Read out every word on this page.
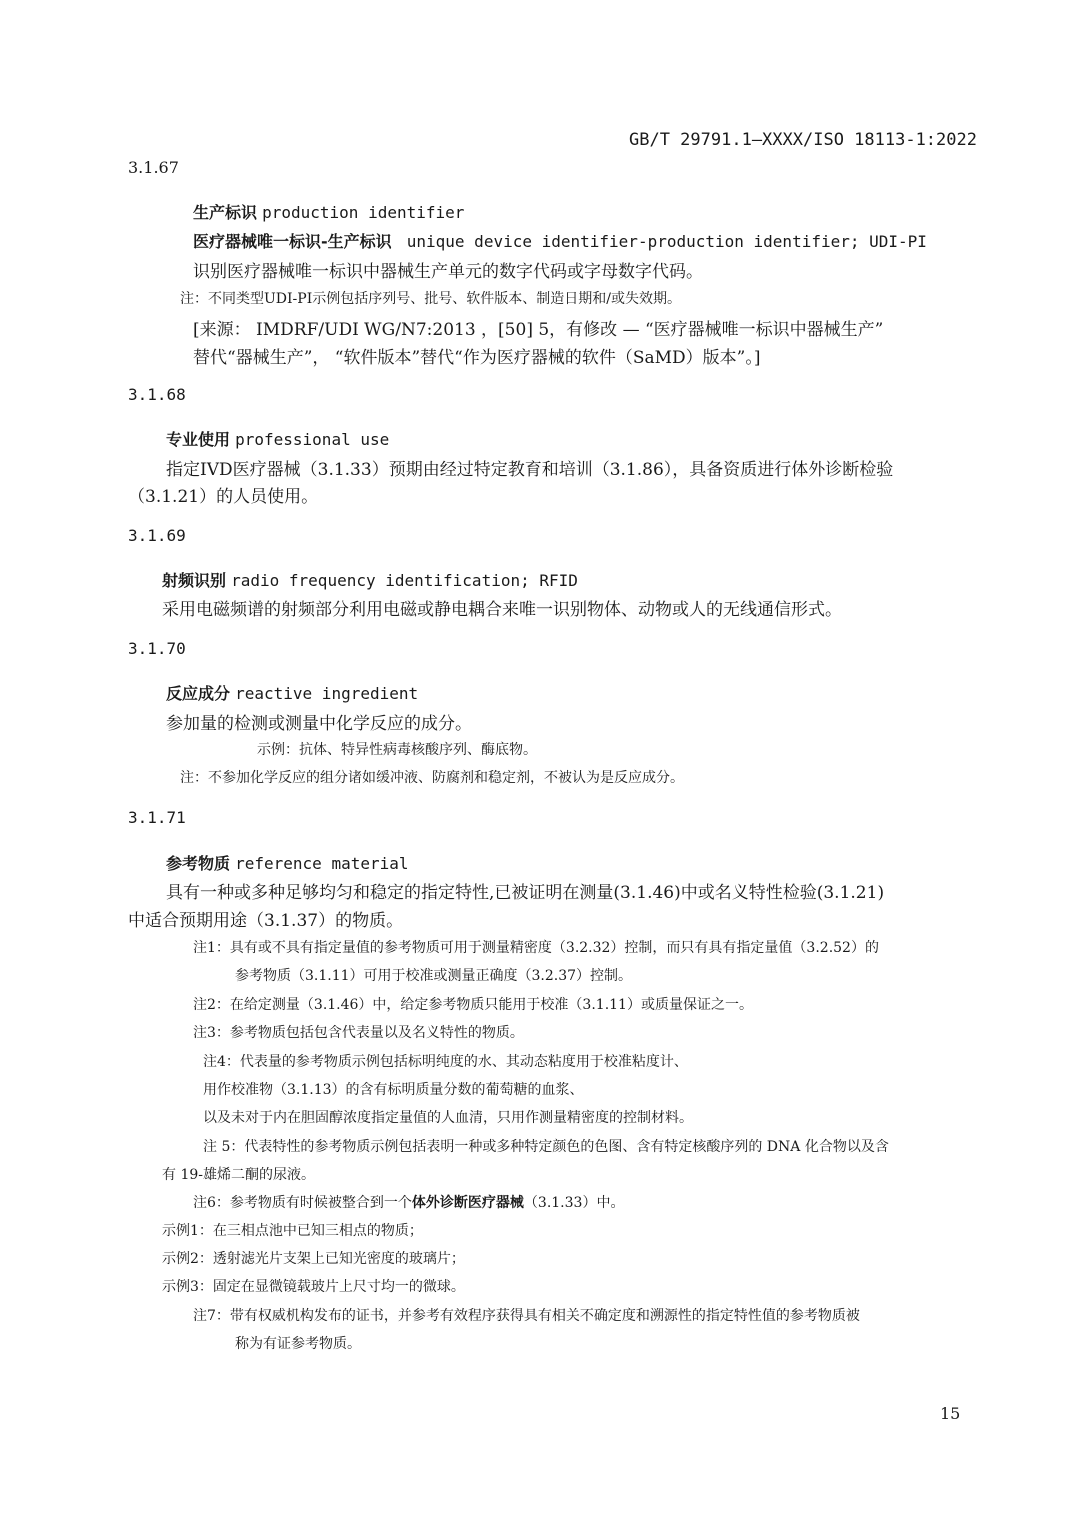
GB/T 29791.1—XXXX/ISO 18113-1:2022
3.1.67
生产标识 production identifier
医疗器械唯一标识-生产标识 unique device identifier-production identifier; UDI-PI
识别医疗器械唯一标识中器械生产单元的数字代码或字母数字代码。
注：不同类型UDI-PI示例包括序列号、批号、软件版本、制造日期和/或失效期。
[来源： IMDRF/UDI WG/N7:2013 ，[50] 5，有修改 — “医疗器械唯一标识中器械生产”
替代“器械生产”， “软件版本”替代“作为医疗器械的软件（SaMD）版本”。]
3.1.68
专业使用 professional use
指定IVD医疗器械（3.1.33）预期由经过特定教育和培训（3.1.86），具备资质进行体外诊断检验
（3.1.21）的人员使用。
3.1.69
射频识别 radio frequency identification; RFID
采用电磁频谱的射频部分利用电磁或静电耦合来唯一识别物体、动物或人的无线通信形式。
3.1.70
反应成分 reactive ingredient
参加量的检测或测量中化学反应的成分。
示例：抗体、特异性病毒核酸序列、酶底物。
注：不参加化学反应的组分诸如缓冲液、防腐剂和稳定剂，不被认为是反应成分。
3.1.71
参考物质 reference material
具有一种或多种足够均匀和稳定的指定特性,已被证明在测量(3.1.46)中或名义特性检验(3.1.21)
中适合预期用途（3.1.37）的物质。
注1：具有或不具有指定量值的参考物质可用于测量精密度（3.2.32）控制，而只有具有指定量值（3.2.52）的
参考物质（3.1.11）可用于校准或测量正确度（3.2.37）控制。
注2：在给定测量（3.1.46）中，给定参考物质只能用于校准（3.1.11）或质量保证之一。
注3：参考物质包括包含代表量以及名义特性的物质。
注4：代表量的参考物质示例包括标明纯度的水、其动态粘度用于校准粘度计、
用作校准物（3.1.13）的含有标明质量分数的葡萄糖的血浆、
以及未对于内在胆固醇浓度指定量值的人血清，只用作测量精密度的控制材料。
注 5：代表特性的参考物质示例包括表明一种或多种特定颜色的色图、含有特定核酸序列的 DNA 化合物以及含
有 19-雄烯二酮的尿液。
注6：参考物质有时候被整合到一个体外诊断医疗器械（3.1.33）中。
示例1：在三相点池中已知三相点的物质；
示例2：透射滤光片支架上已知光密度的玻璃片；
示例3：固定在显微镜载玻片上尺寸均一的微球。
注7：带有权威机构发布的证书，并参考有效程序获得具有相关不确定度和溯源性的指定特性值的参考物质被
称为有证参考物质。
15
